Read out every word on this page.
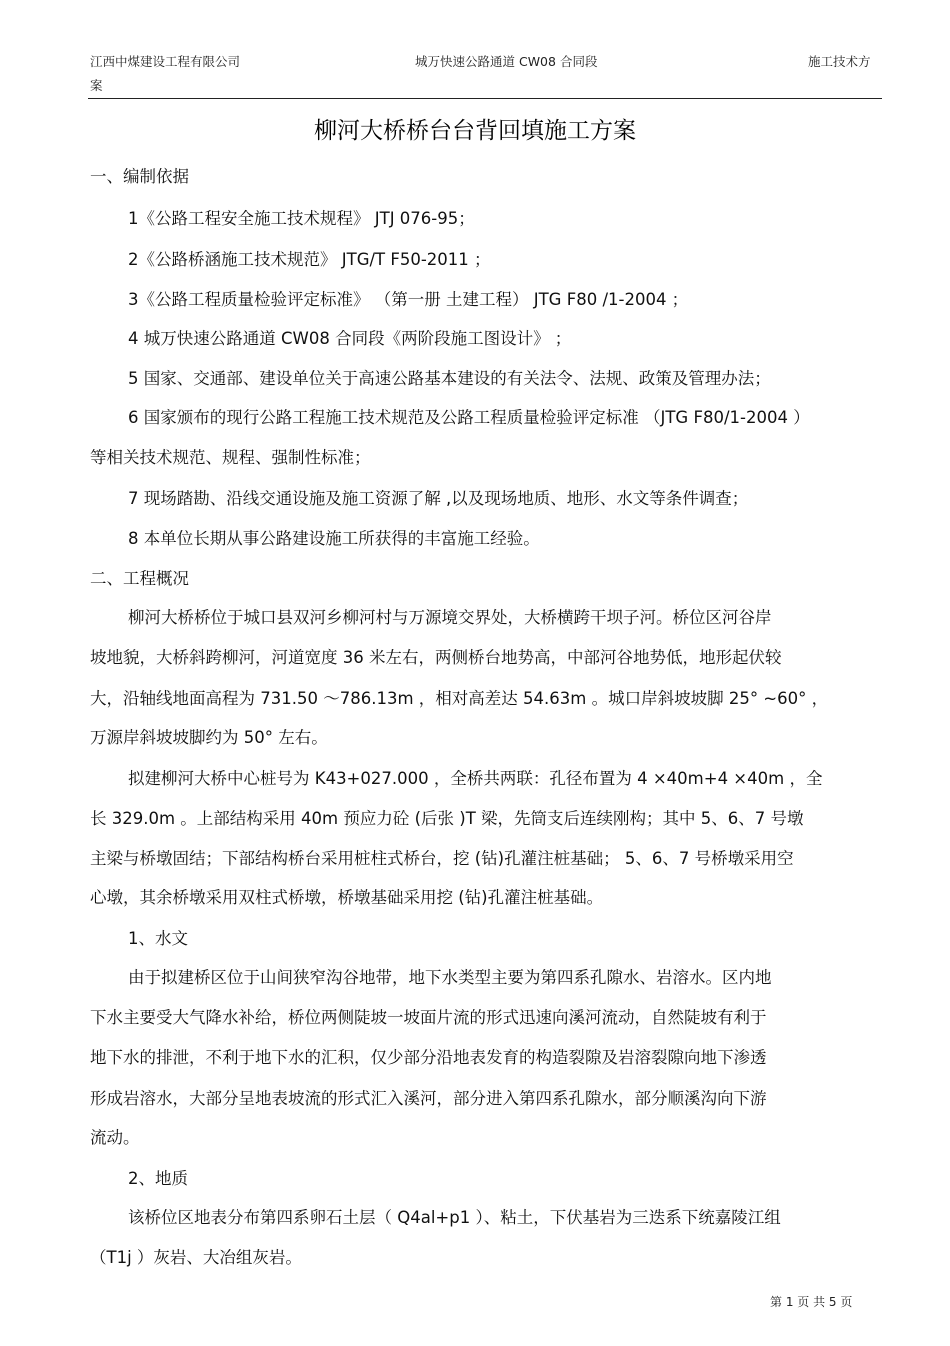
江西中煤建设工程有限公司	城万快速公路通道 CW08 合同段	施工技术方
案
柳河大桥桥台台背回填施工方案
一、编制依据
1《公路工程安全施工技术规程》 JTJ 076-95；
2《公路桥涵施工技术规范》 JTG/T F50-2011 ；
3《公路工程质量检验评定标准》 （第一册 土建工程） JTG F80 /1-2004 ；
4 城万快速公路通道 CW08 合同段《两阶段施工图设计》 ；
5 国家、交通部、建设单位关于高速公路基本建设的有关法令、法规、政策及管理办法；
6 国家颁布的现行公路工程施工技术规范及公路工程质量检验评定标准 （JTG F80/1-2004 ）
等相关技术规范、规程、强制性标准；
7 现场踏勘、沿线交通设施及施工资源了解 ,以及现场地质、地形、水文等条件调查；
8 本单位长期从事公路建设施工所获得的丰富施工经验。
二、工程概况
柳河大桥桥位于城口县双河乡柳河村与万源境交界处，大桥横跨干坝子河。桥位区河谷岸
坡地貌，大桥斜跨柳河，河道宽度 36 米左右，两侧桥台地势高，中部河谷地势低，地形起伏较
大，沿轴线地面高程为 731.50 ～786.13m ，相对高差达 54.63m 。城口岸斜坡坡脚 25° ~60° ，
万源岸斜坡坡脚约为 50° 左右。
拟建柳河大桥中心桩号为 K43+027.000 ，全桥共两联：孔径布置为 4 ×40m+4 ×40m ，全
长 329.0m 。上部结构采用 40m 预应力砼 (后张 )T 梁，先筒支后连续刚构；其中 5、6、7 号墩
主梁与桥墩固结；下部结构桥台采用桩柱式桥台，挖 (钻)孔灌注桩基础； 5、6、7 号桥墩采用空
心墩，其余桥墩采用双柱式桥墩，桥墩基础采用挖 (钻)孔灌注桩基础。
1、水文
由于拟建桥区位于山间狭窄沟谷地带，地下水类型主要为第四系孔隙水、岩溶水。区内地
下水主要受大气降水补给，桥位两侧陡坡一坡面片流的形式迅速向溪河流动，自然陡坡有利于
地下水的排泄，不利于地下水的汇积，仅少部分沿地表发育的构造裂隙及岩溶裂隙向地下渗透
形成岩溶水，大部分呈地表坡流的形式汇入溪河，部分进入第四系孔隙水，部分顺溪沟向下游
流动。
2、地质
该桥位区地表分布第四系卵石土层（ Q4al+p1 ）、粘土，下伏基岩为三迭系下统嘉陵江组
（T1j ）灰岩、大冶组灰岩。
第 1 页 共 5 页
